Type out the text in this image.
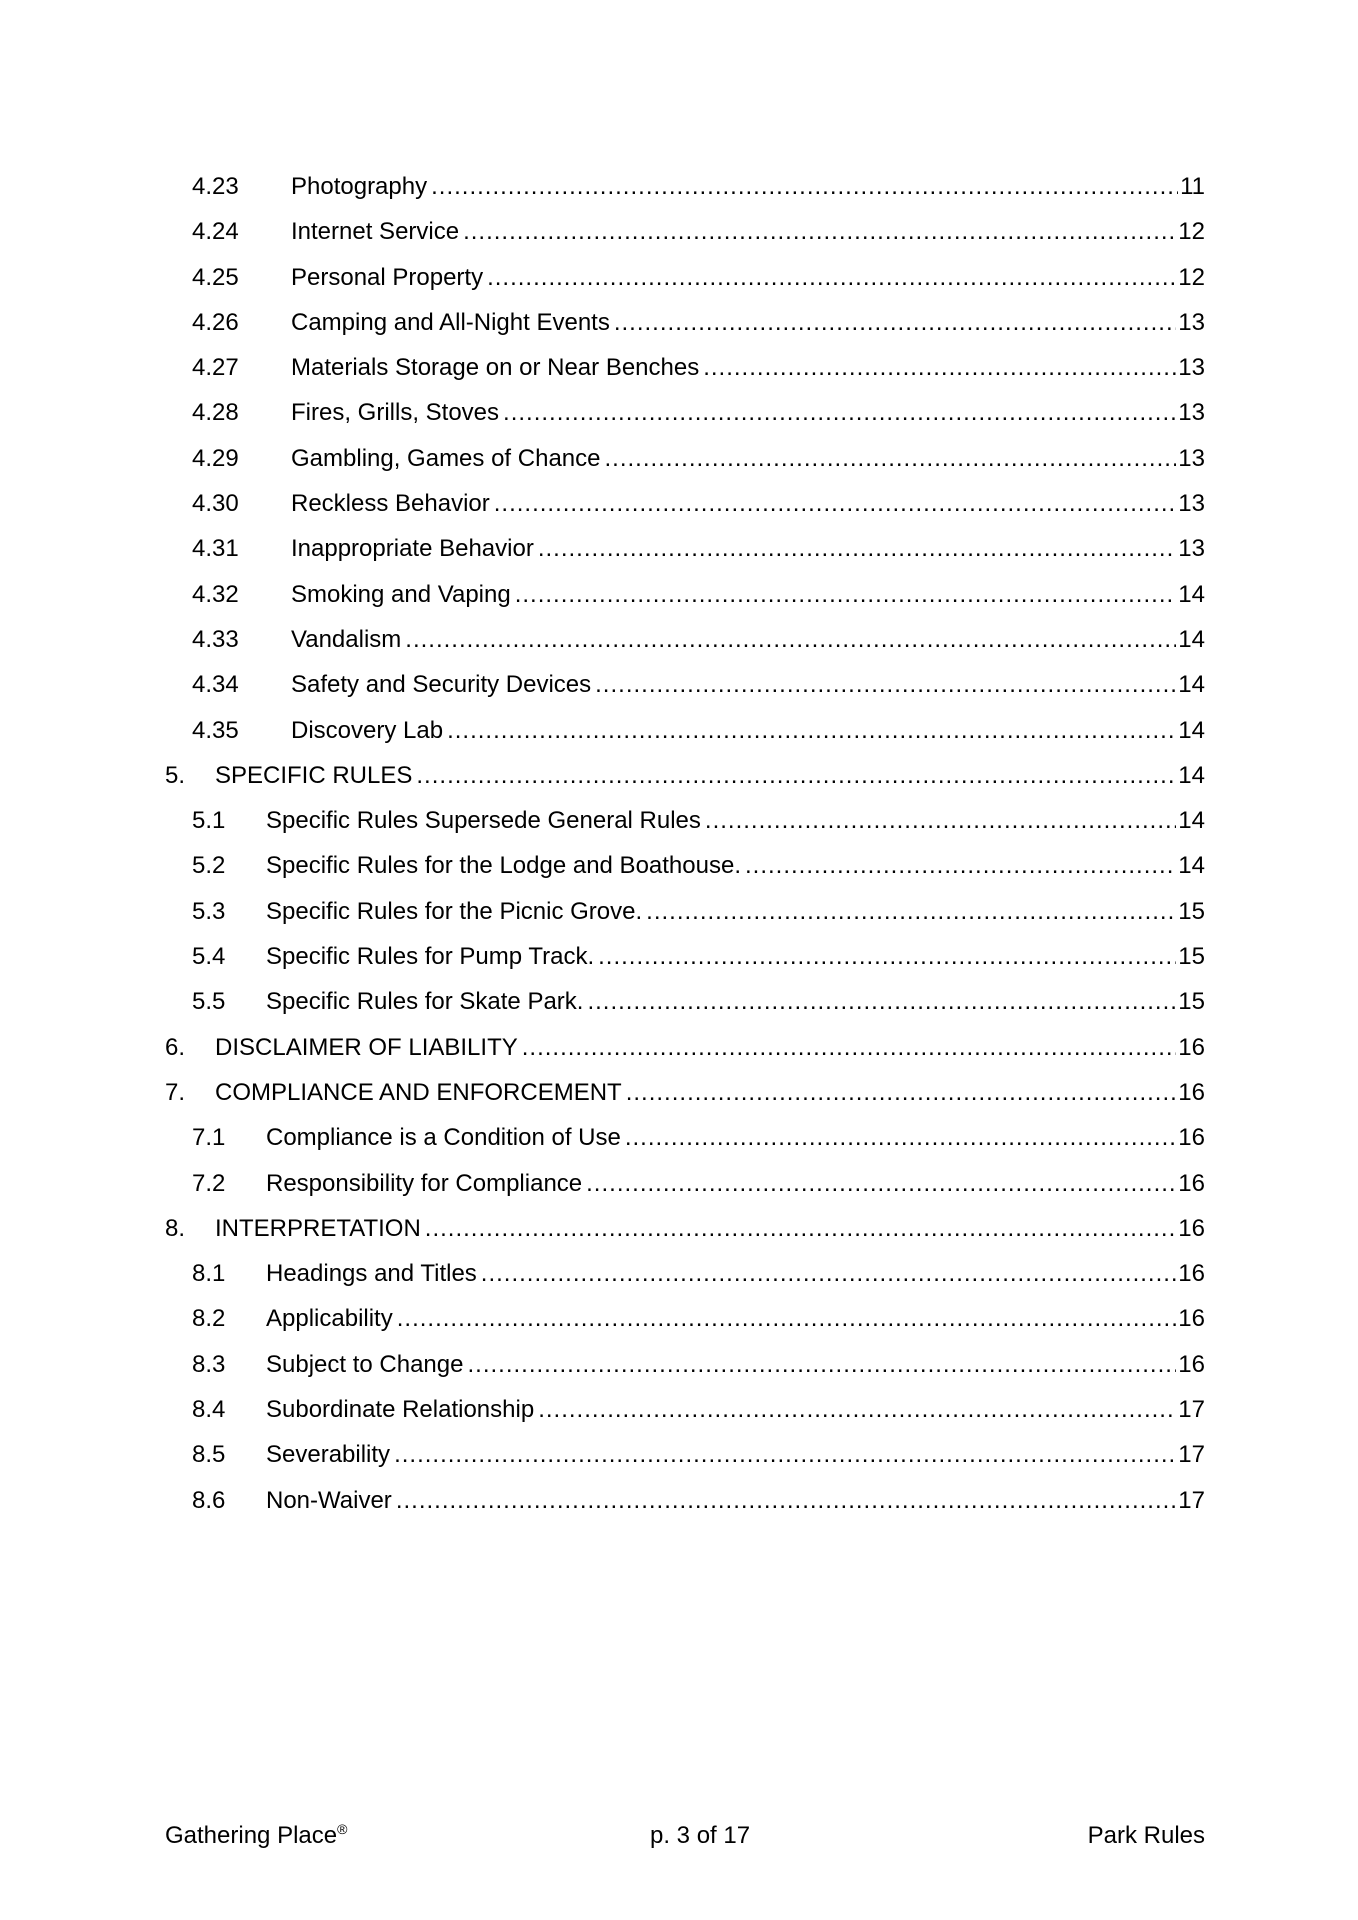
4.23	Photography .....	11
4.24	Internet Service .....	12
4.25	Personal Property .....	12
4.26	Camping and All-Night Events .....	13
4.27	Materials Storage on or Near Benches .....	13
4.28	Fires, Grills, Stoves .....	13
4.29	Gambling, Games of Chance .....	13
4.30	Reckless Behavior .....	13
4.31	Inappropriate Behavior .....	13
4.32	Smoking and Vaping .....	14
4.33	Vandalism .....	14
4.34	Safety and Security Devices .....	14
4.35	Discovery Lab .....	14
5.	SPECIFIC RULES .....	14
5.1	Specific Rules Supersede General Rules .....	14
5.2	Specific Rules for the Lodge and Boathouse. .....	14
5.3	Specific Rules for the Picnic Grove. .....	15
5.4	Specific Rules for Pump Track. .....	15
5.5	Specific Rules for Skate Park. .....	15
6.	DISCLAIMER OF LIABILITY .....	16
7.	COMPLIANCE AND ENFORCEMENT .....	16
7.1	Compliance is a Condition of Use .....	16
7.2	Responsibility for Compliance .....	16
8.	INTERPRETATION .....	16
8.1	Headings and Titles .....	16
8.2	Applicability .....	16
8.3	Subject to Change .....	16
8.4	Subordinate Relationship .....	17
8.5	Severability .....	17
8.6	Non-Waiver .....	17
Gathering Place®	p. 3 of 17	Park Rules
